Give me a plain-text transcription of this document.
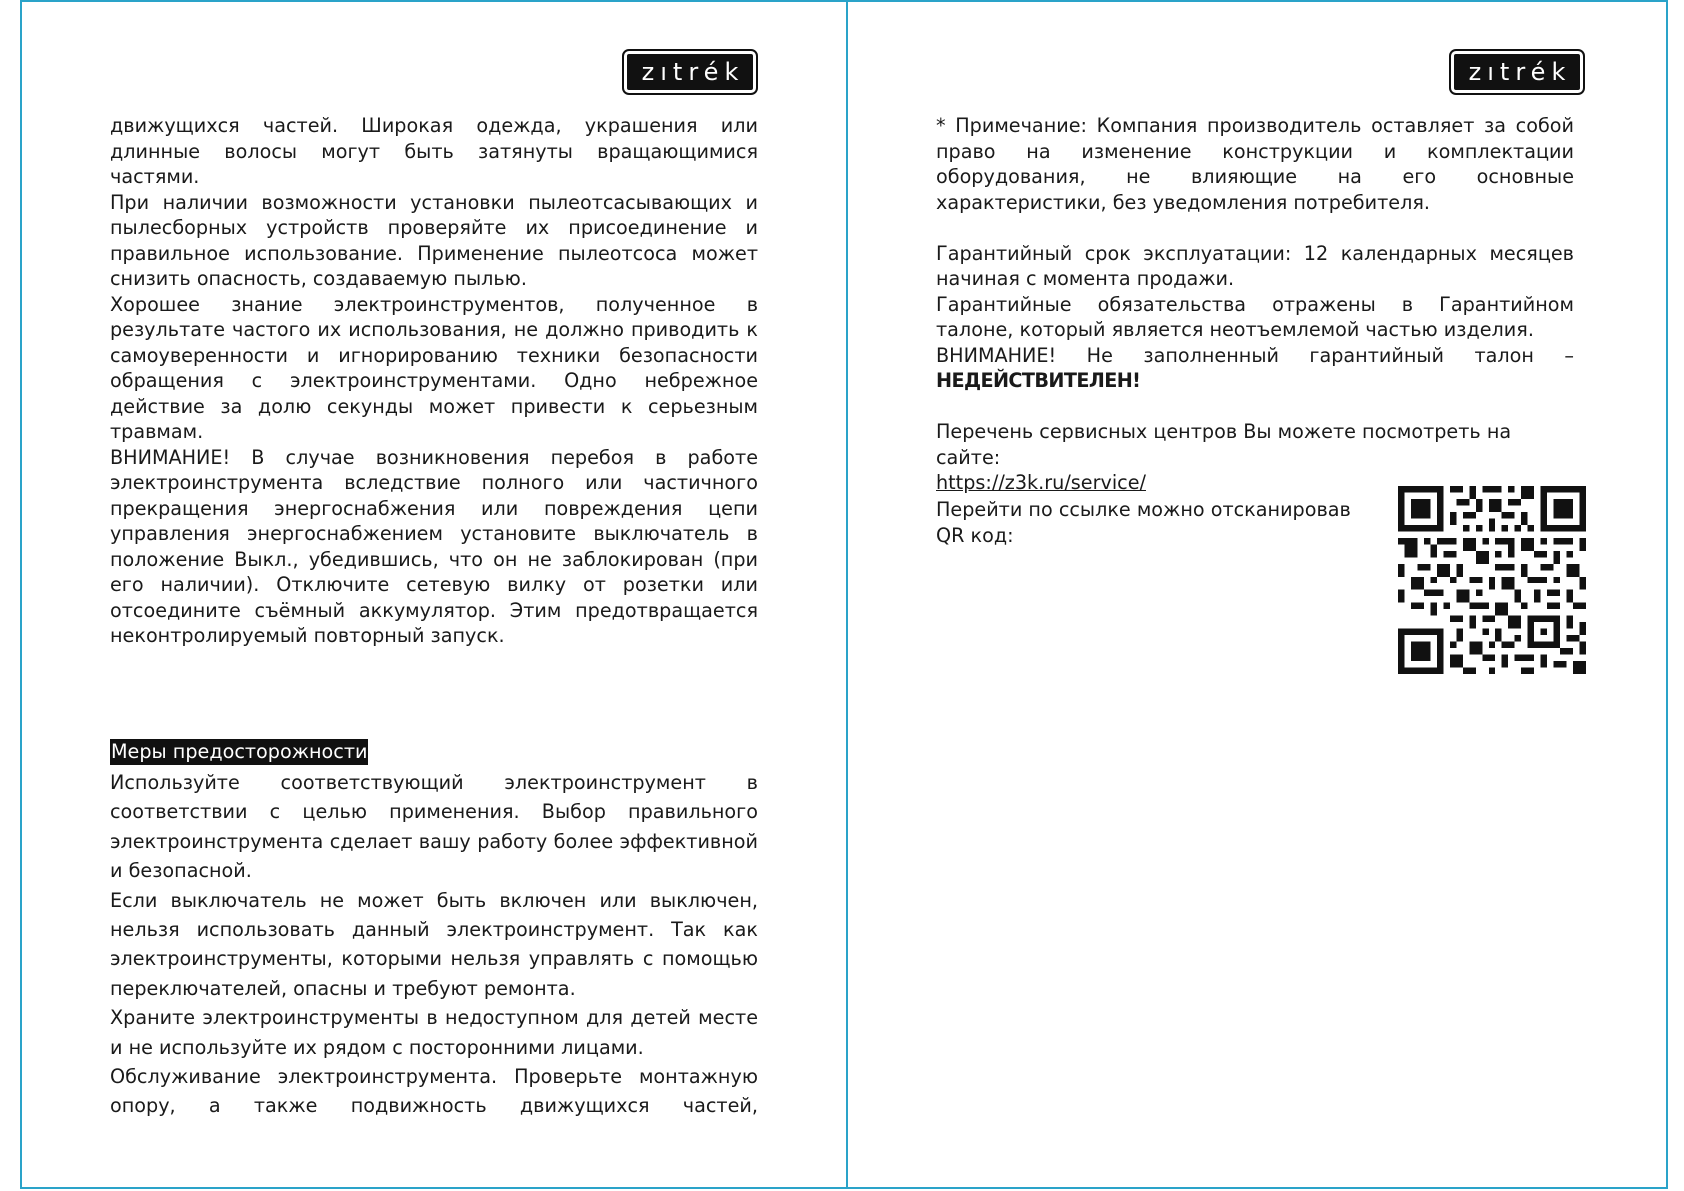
zıtrék

движущихся частей. Широкая одежда, украшения или длинные волосы могут быть затянуты вращающимися частями.

При наличии возможности установки пылеотсасывающих и пылесборных устройств проверяйте их присоединение и правильное использование. Применение пылеотсоса может снизить опасность, создаваемую пылью.

Хорошее знание электроинструментов, полученное в результате частого их использования, не должно приводить к самоуверенности и игнорированию техники безопасности обращения с электроинструментами. Одно небрежное действие за долю секунды может привести к серьезным травмам.

ВНИМАНИЕ! В случае возникновения перебоя в работе электроинструмента вследствие полного или частичного прекращения энергоснабжения или повреждения цепи управления энергоснабжением установите выключатель в положение Выкл., убедившись, что он не заблокирован (при его наличии). Отключите сетевую вилку от розетки или отсоедините съёмный аккумулятор. Этим предотвращается неконтролируемый повторный запуск.

Меры предосторожности

Используйте соответствующий электроинструмент в соответствии с целью применения. Выбор правильного электроинструмента сделает вашу работу более эффективной и безопасной.

Если выключатель не может быть включен или выключен, нельзя использовать данный электроинструмент. Так как электроинструменты, которыми нельзя управлять с помощью переключателей, опасны и требуют ремонта.

Храните электроинструменты в недоступном для детей месте и не используйте их рядом с посторонними лицами.

Обслуживание электроинструмента. Проверьте монтажную опору, а также подвижность движущихся частей,

zıtrék

* Примечание: Компания производитель оставляет за собой право на изменение конструкции и комплектации оборудования, не влияющие на его основные характеристики, без уведомления потребителя.

Гарантийный срок эксплуатации: 12 календарных месяцев начиная с момента продажи.

Гарантийные обязательства отражены в Гарантийном талоне, который является неотъемлемой частью изделия.

ВНИМАНИЕ! Не заполненный гарантийный талон –

НЕДЕЙСТВИТЕЛЕН!

Перечень сервисных центров Вы можете посмотреть на сайте:

https://z3k.ru/service/

Перейти по ссылке можно отсканировав QR код:
